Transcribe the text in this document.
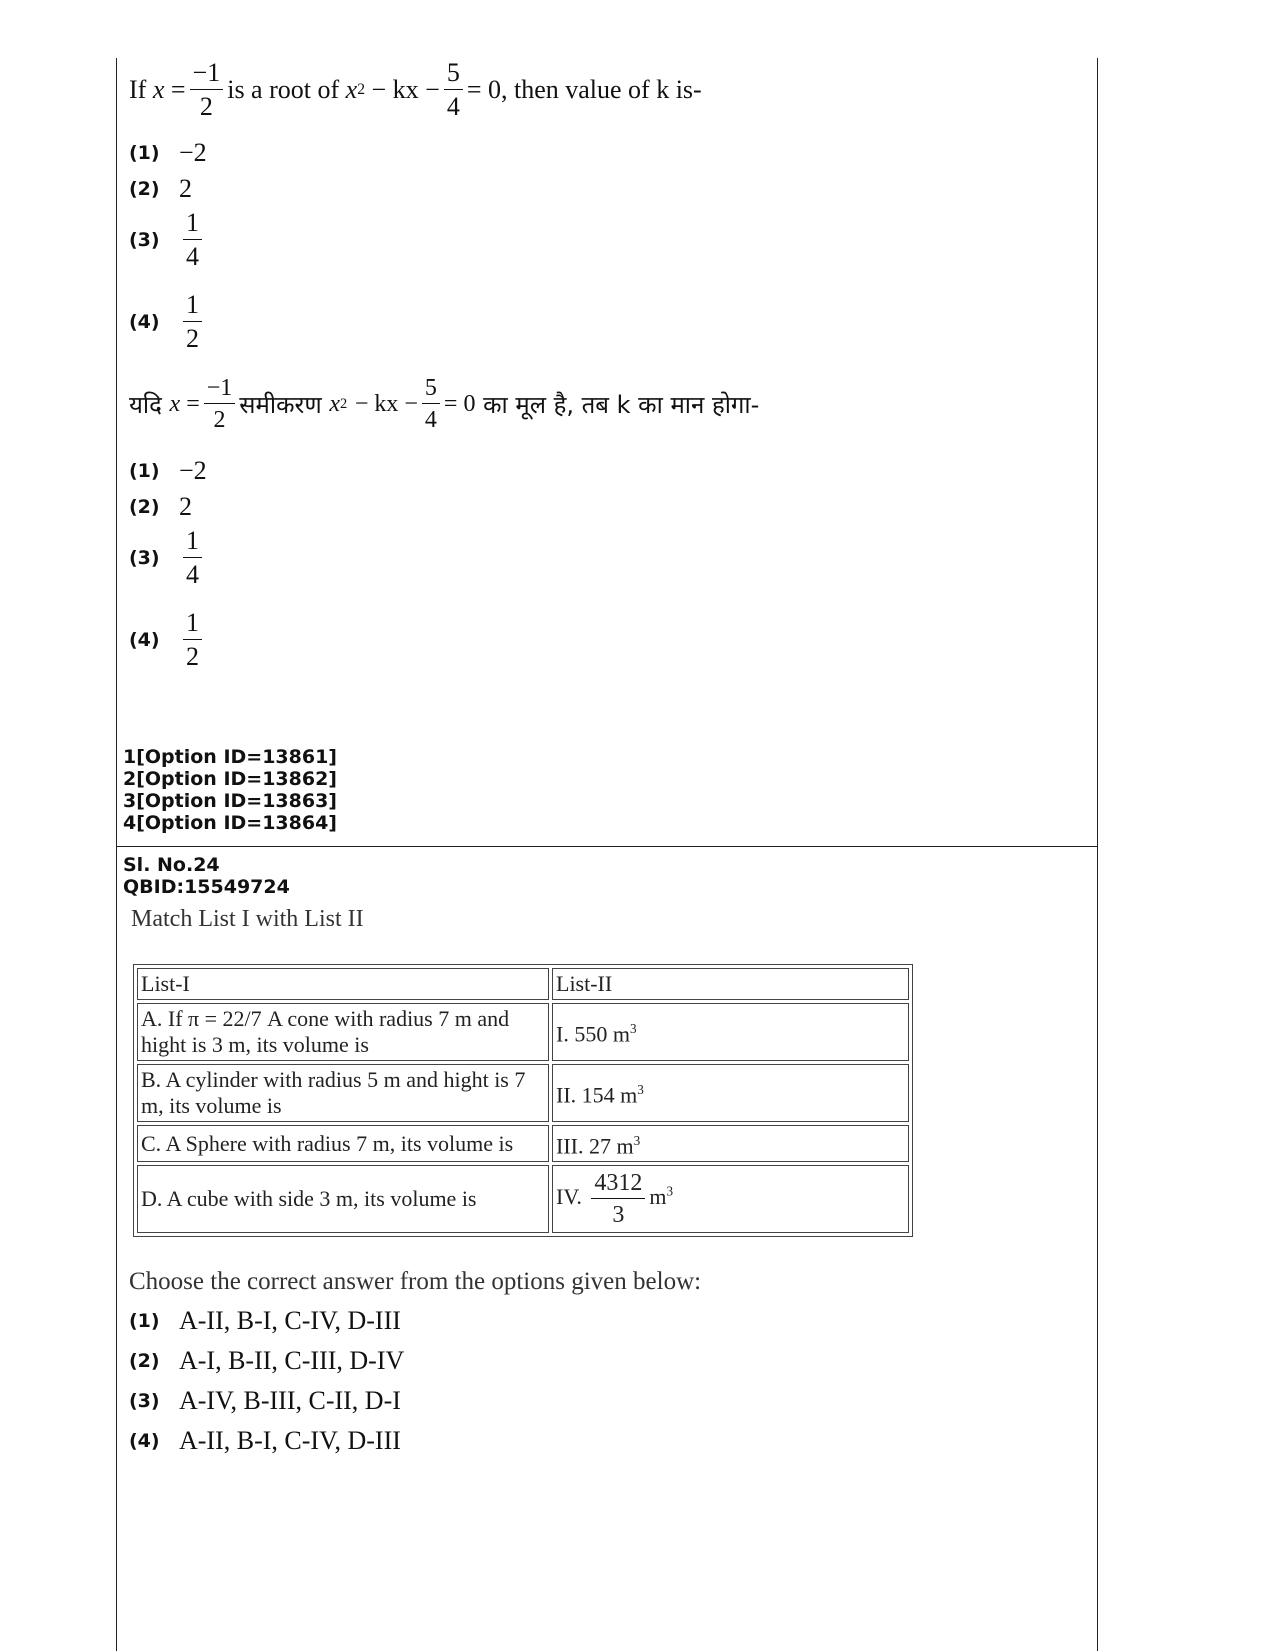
If
$x = \frac{-1}{2}$ is a root of
x 2
− kx − $\frac{5}{4} = 0$ , then value of k is-
(1) −2
(2) 2
$(3) \frac{1}{4}$
$(4) \frac{1}{2}$
यदि
$x = \frac{-1}{2}$ समीकरण
x 2
− kx − $\frac{5}{4} = 0$
का मूल है, तब k का मान होगा-
(1) −2
(2) 2
$(3) \frac{1}{4}$
$(4) \frac{1}{2}$
1[Option ID=13861]
2[Option ID=13862]
3[Option ID=13863]
4[Option ID=13864]
Sl. No.24
QBID:15549724
Match List I with List II
List-I	List-II
A. If π = 22/7 A cone with radius 7 m and hight is 3 m, its volume is	I. 550 $m^3$
B. A cylinder with radius 5 m and hight is 7 m, its volume is	II. 154 $m^3$
C. A Sphere with radius 7 m, its volume is	III. 27 $m^3$
D. A cube with side 3 m, its volume is	IV. $\frac{4312}{3} m^3$
Choose the correct answer from the options given below:
(1) A-II, B-I, C-IV, D-III
(2) A-I, B-II, C-III, D-IV
(3) A-IV, B-III, C-II, D-I
(4) A-II, B-I, C-IV, D-III
